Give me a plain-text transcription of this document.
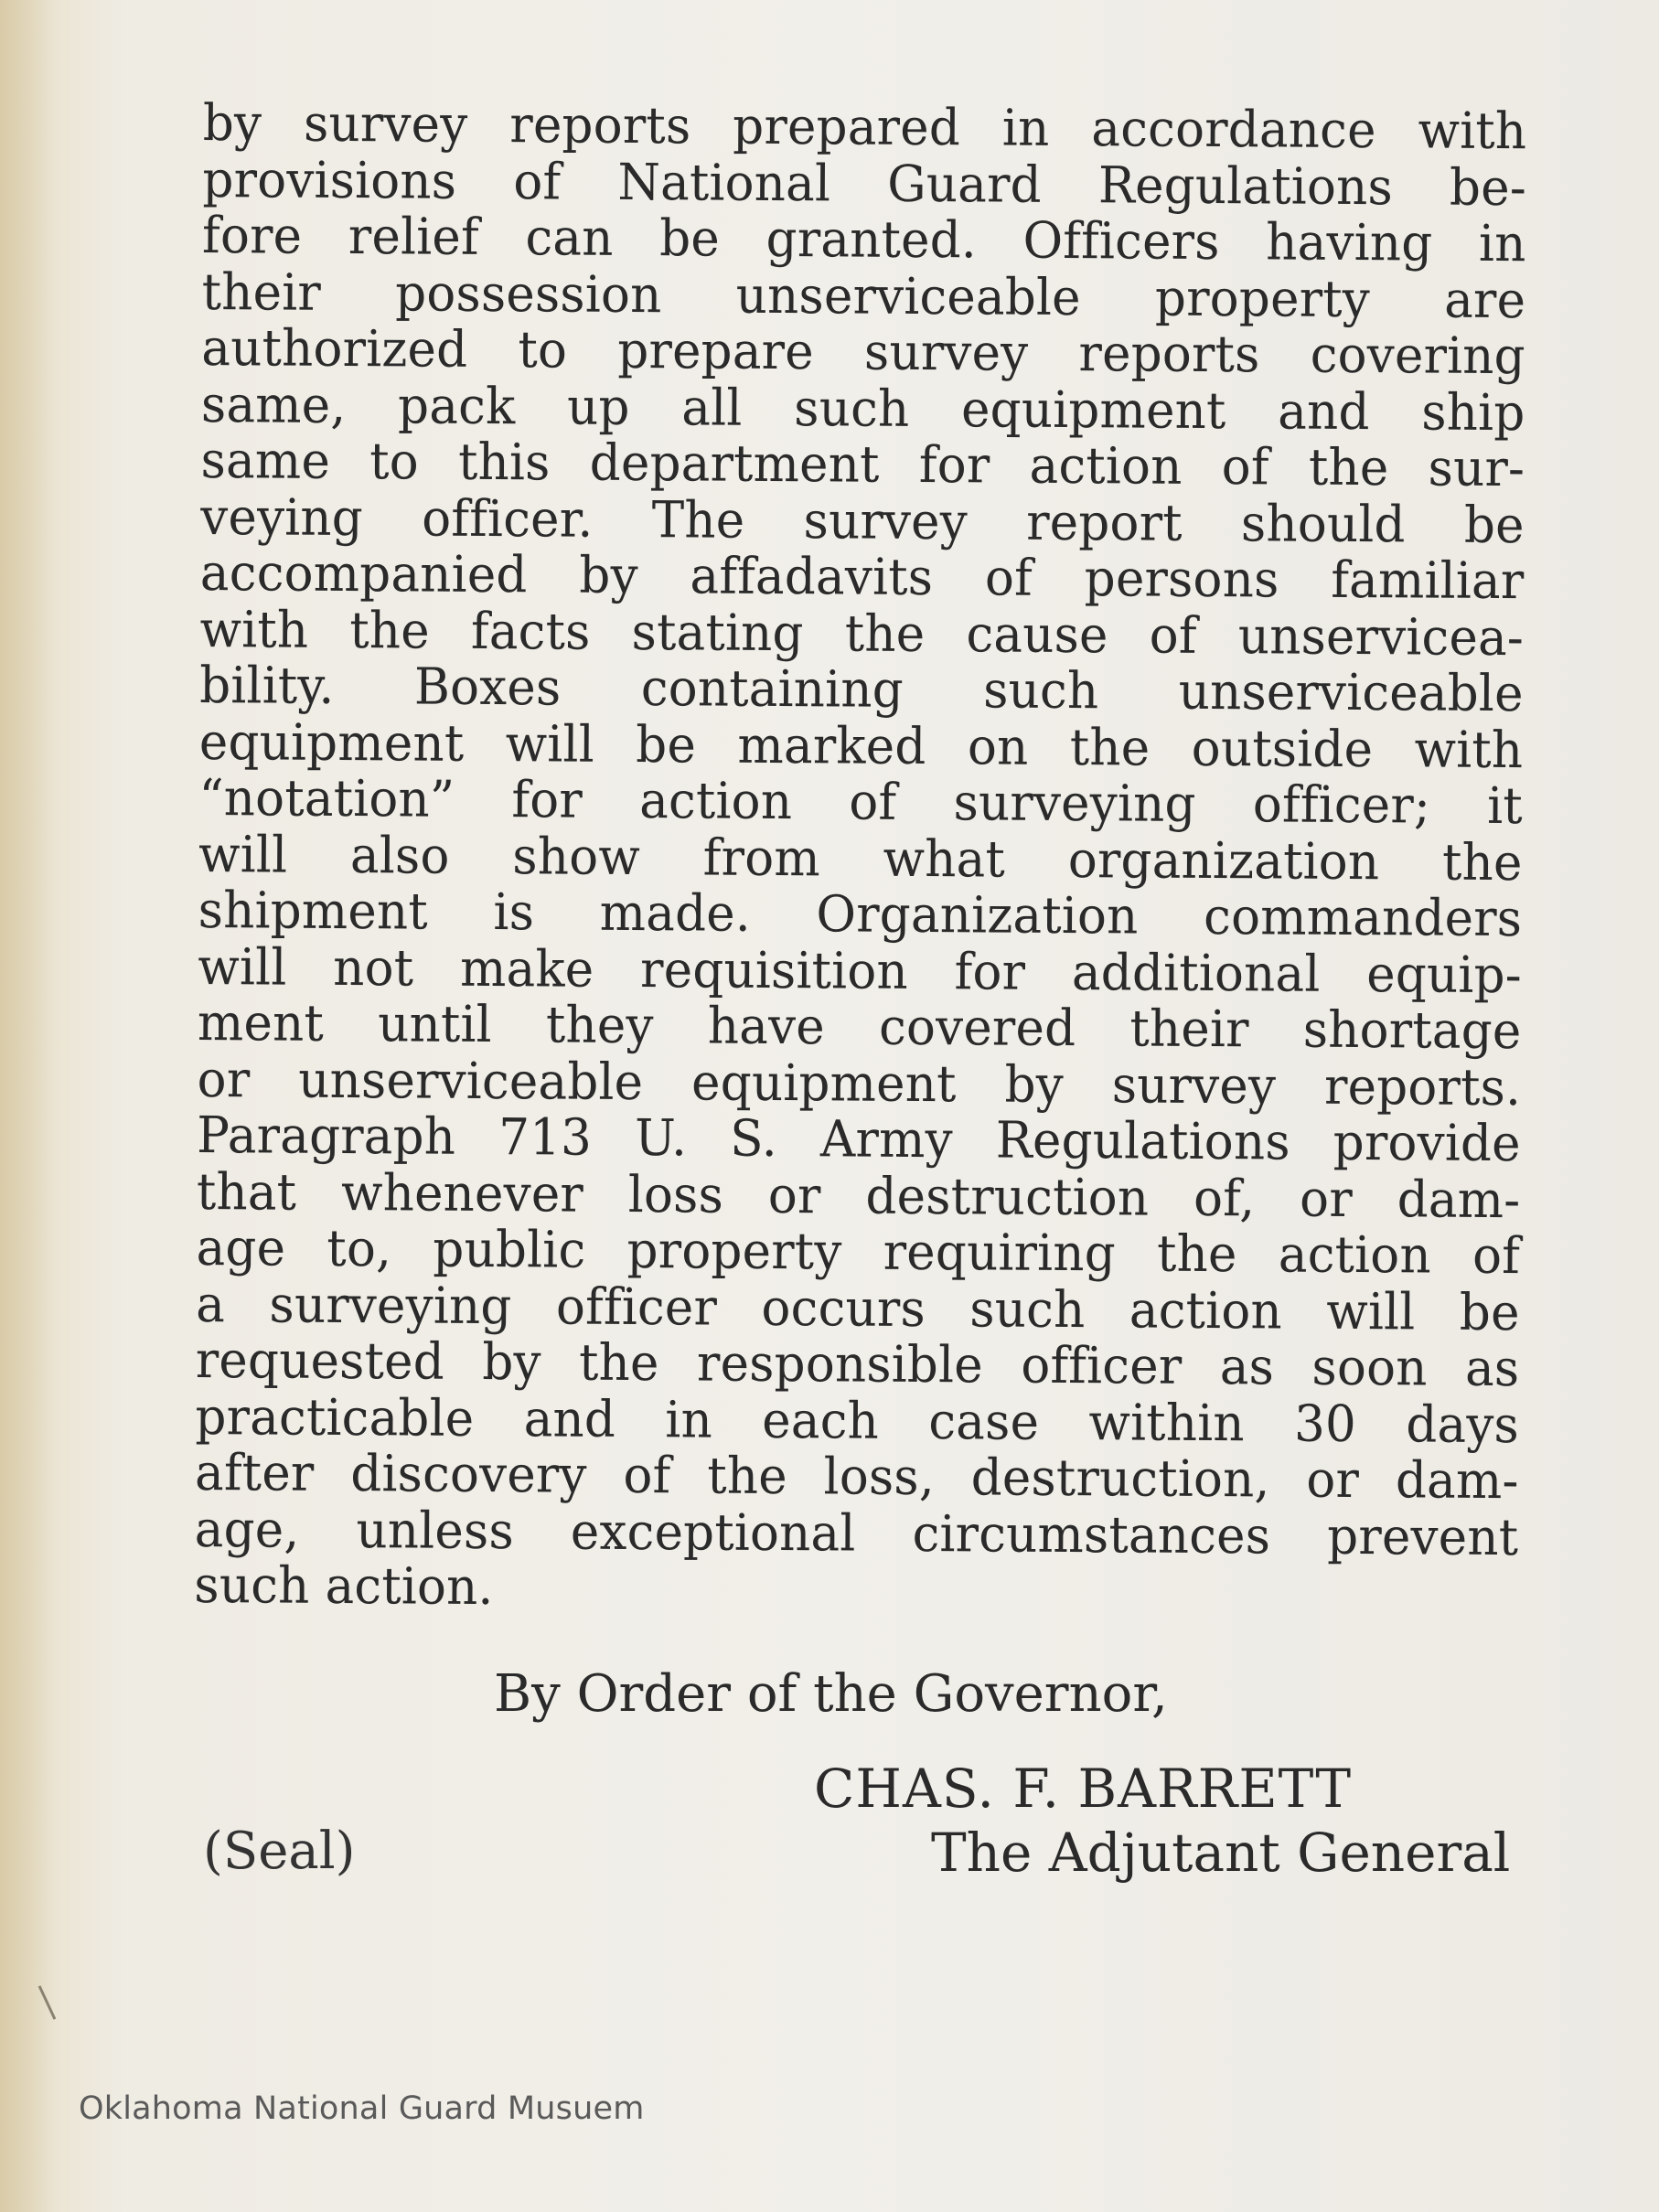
by survey reports prepared in accordance with
provisions of National Guard Regulations be-
fore relief can be granted. Officers having in
their possession unserviceable property are
authorized to prepare survey reports covering
same, pack up all such equipment and ship
same to this department for action of the sur-
veying officer. The survey report should be
accompanied by affadavits of persons familiar
with the facts stating the cause of unservicea-
bility. Boxes containing such unserviceable
equipment will be marked on the outside with
“notation” for action of surveying officer; it
will also show from what organization the
shipment is made. Organization commanders
will not make requisition for additional equip-
ment until they have covered their shortage
or unserviceable equipment by survey reports.
Paragraph 713 U. S. Army Regulations provide
that whenever loss or destruction of, or dam-
age to, public property requiring the action of
a surveying officer occurs such action will be
requested by the responsible officer as soon as
practicable and in each case within 30 days
after discovery of the loss, destruction, or dam-
age, unless exceptional circumstances prevent
such action.
By Order of the Governor,
CHAS. F. BARRETT
The Adjutant General
(Seal)
Oklahoma National Guard Musuem
